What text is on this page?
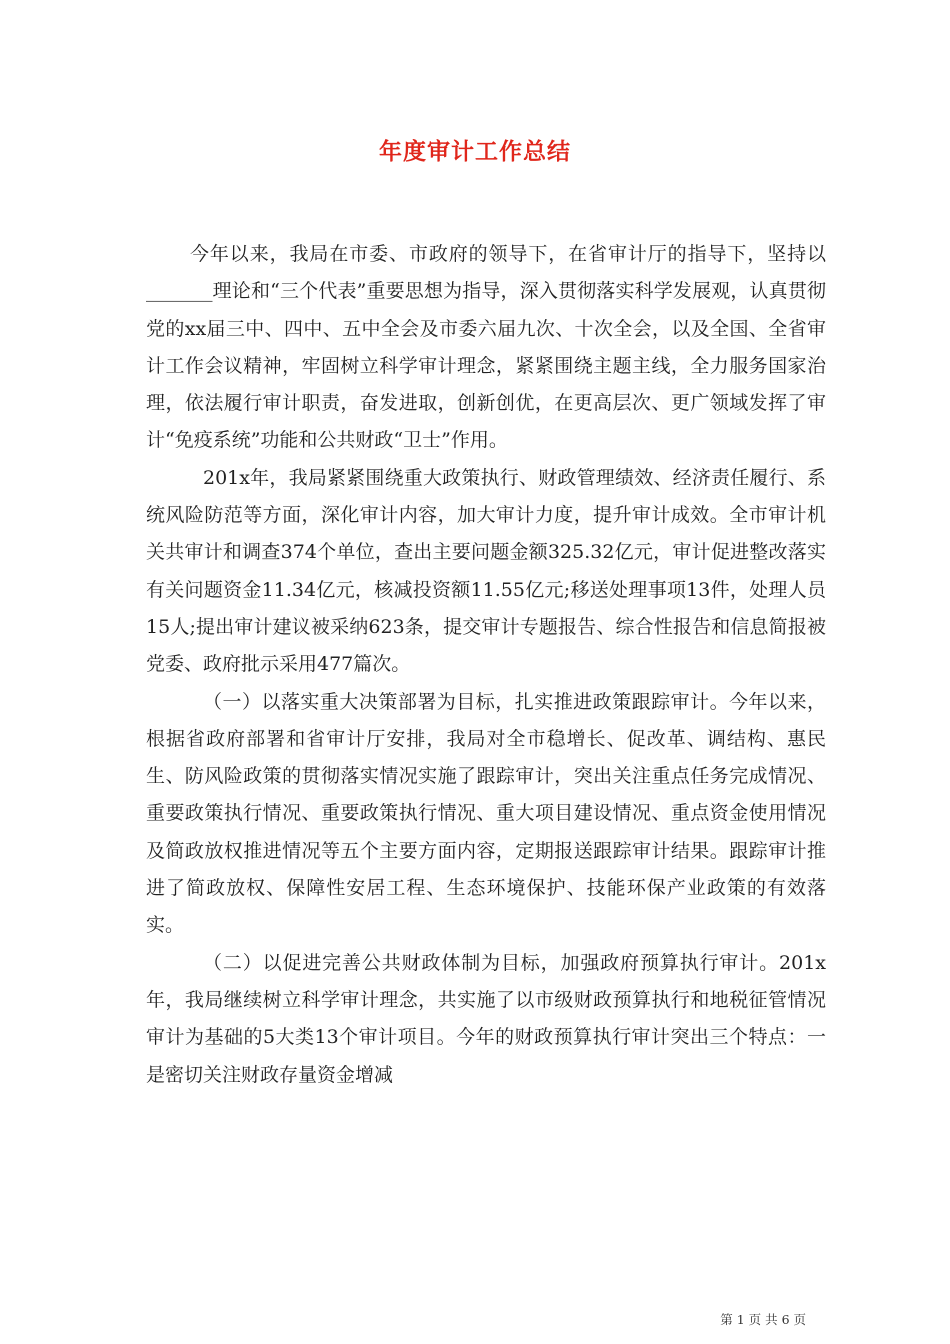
年度审计工作总结

今年以来，我局在市委、市政府的领导下，在省审计厅的指导下，坚持以_______理论和“三个代表”重要思想为指导，深入贯彻落实科学发展观，认真贯彻党的xx届三中、四中、五中全会及市委六届九次、十次全会，以及全国、全省审计工作会议精神，牢固树立科学审计理念，紧紧围绕主题主线，全力服务国家治理，依法履行审计职责，奋发进取，创新创优，在更高层次、更广领域发挥了审计“免疫系统”功能和公共财政“卫士”作用。

201x年，我局紧紧围绕重大政策执行、财政管理绩效、经济责任履行、系统风险防范等方面，深化审计内容，加大审计力度，提升审计成效。全市审计机关共审计和调查374个单位，查出主要问题金额325.32亿元，审计促进整改落实有关问题资金11.34亿元，核减投资额11.55亿元;移送处理事项13件，处理人员15人;提出审计建议被采纳623条，提交审计专题报告、综合性报告和信息简报被党委、政府批示采用477篇次。

（一）以落实重大决策部署为目标，扎实推进政策跟踪审计。今年以来，根据省政府部署和省审计厅安排，我局对全市稳增长、促改革、调结构、惠民生、防风险政策的贯彻落实情况实施了跟踪审计，突出关注重点任务完成情况、重要政策执行情况、重要政策执行情况、重大项目建设情况、重点资金使用情况及简政放权推进情况等五个主要方面内容，定期报送跟踪审计结果。跟踪审计推进了简政放权、保障性安居工程、生态环境保护、技能环保产业政策的有效落实。

（二）以促进完善公共财政体制为目标，加强政府预算执行审计。201x年，我局继续树立科学审计理念，共实施了以市级财政预算执行和地税征管情况审计为基础的5大类13个审计项目。今年的财政预算执行审计突出三个特点：一是密切关注财政存量资金增减

第 1 页 共 6 页
